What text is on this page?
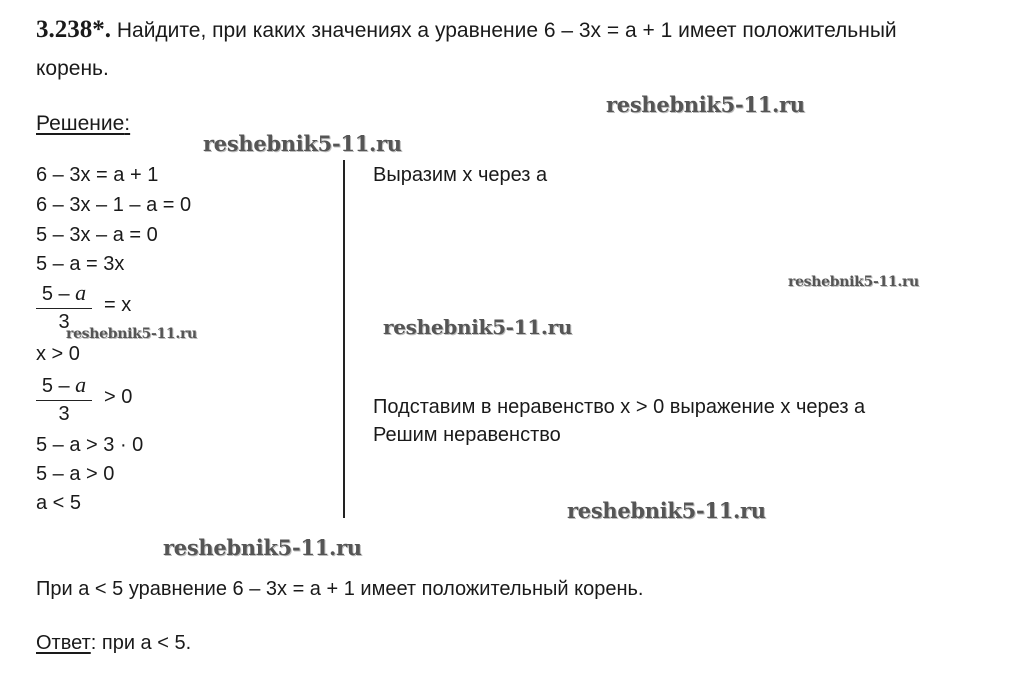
3.238*. Найдите, при каких значениях а уравнение 6 – 3x = a + 1 имеет положительный
корень.
Решение:
6 – 3x = a + 1
6 – 3x – 1 – a = 0
5 – 3x – a = 0
5 – a = 3x
$\frac{5 - a}{3} = x$
x > 0
$\frac{5 - a}{3} > 0$
5 – a > 3 · 0
5 – a > 0
a < 5
Выразим x через a
Подставим в неравенство x > 0 выражение x через a
Решим неравенство
reshebnik5-11.ru
reshebnik5-11.ru
reshebnik5-11.ru
reshebnik5-11.ru
reshebnik5-11.ru
reshebnik5-11.ru
reshebnik5-11.ru
При a < 5 уравнение 6 – 3x = a + 1 имеет положительный корень.
Ответ: при a < 5.
